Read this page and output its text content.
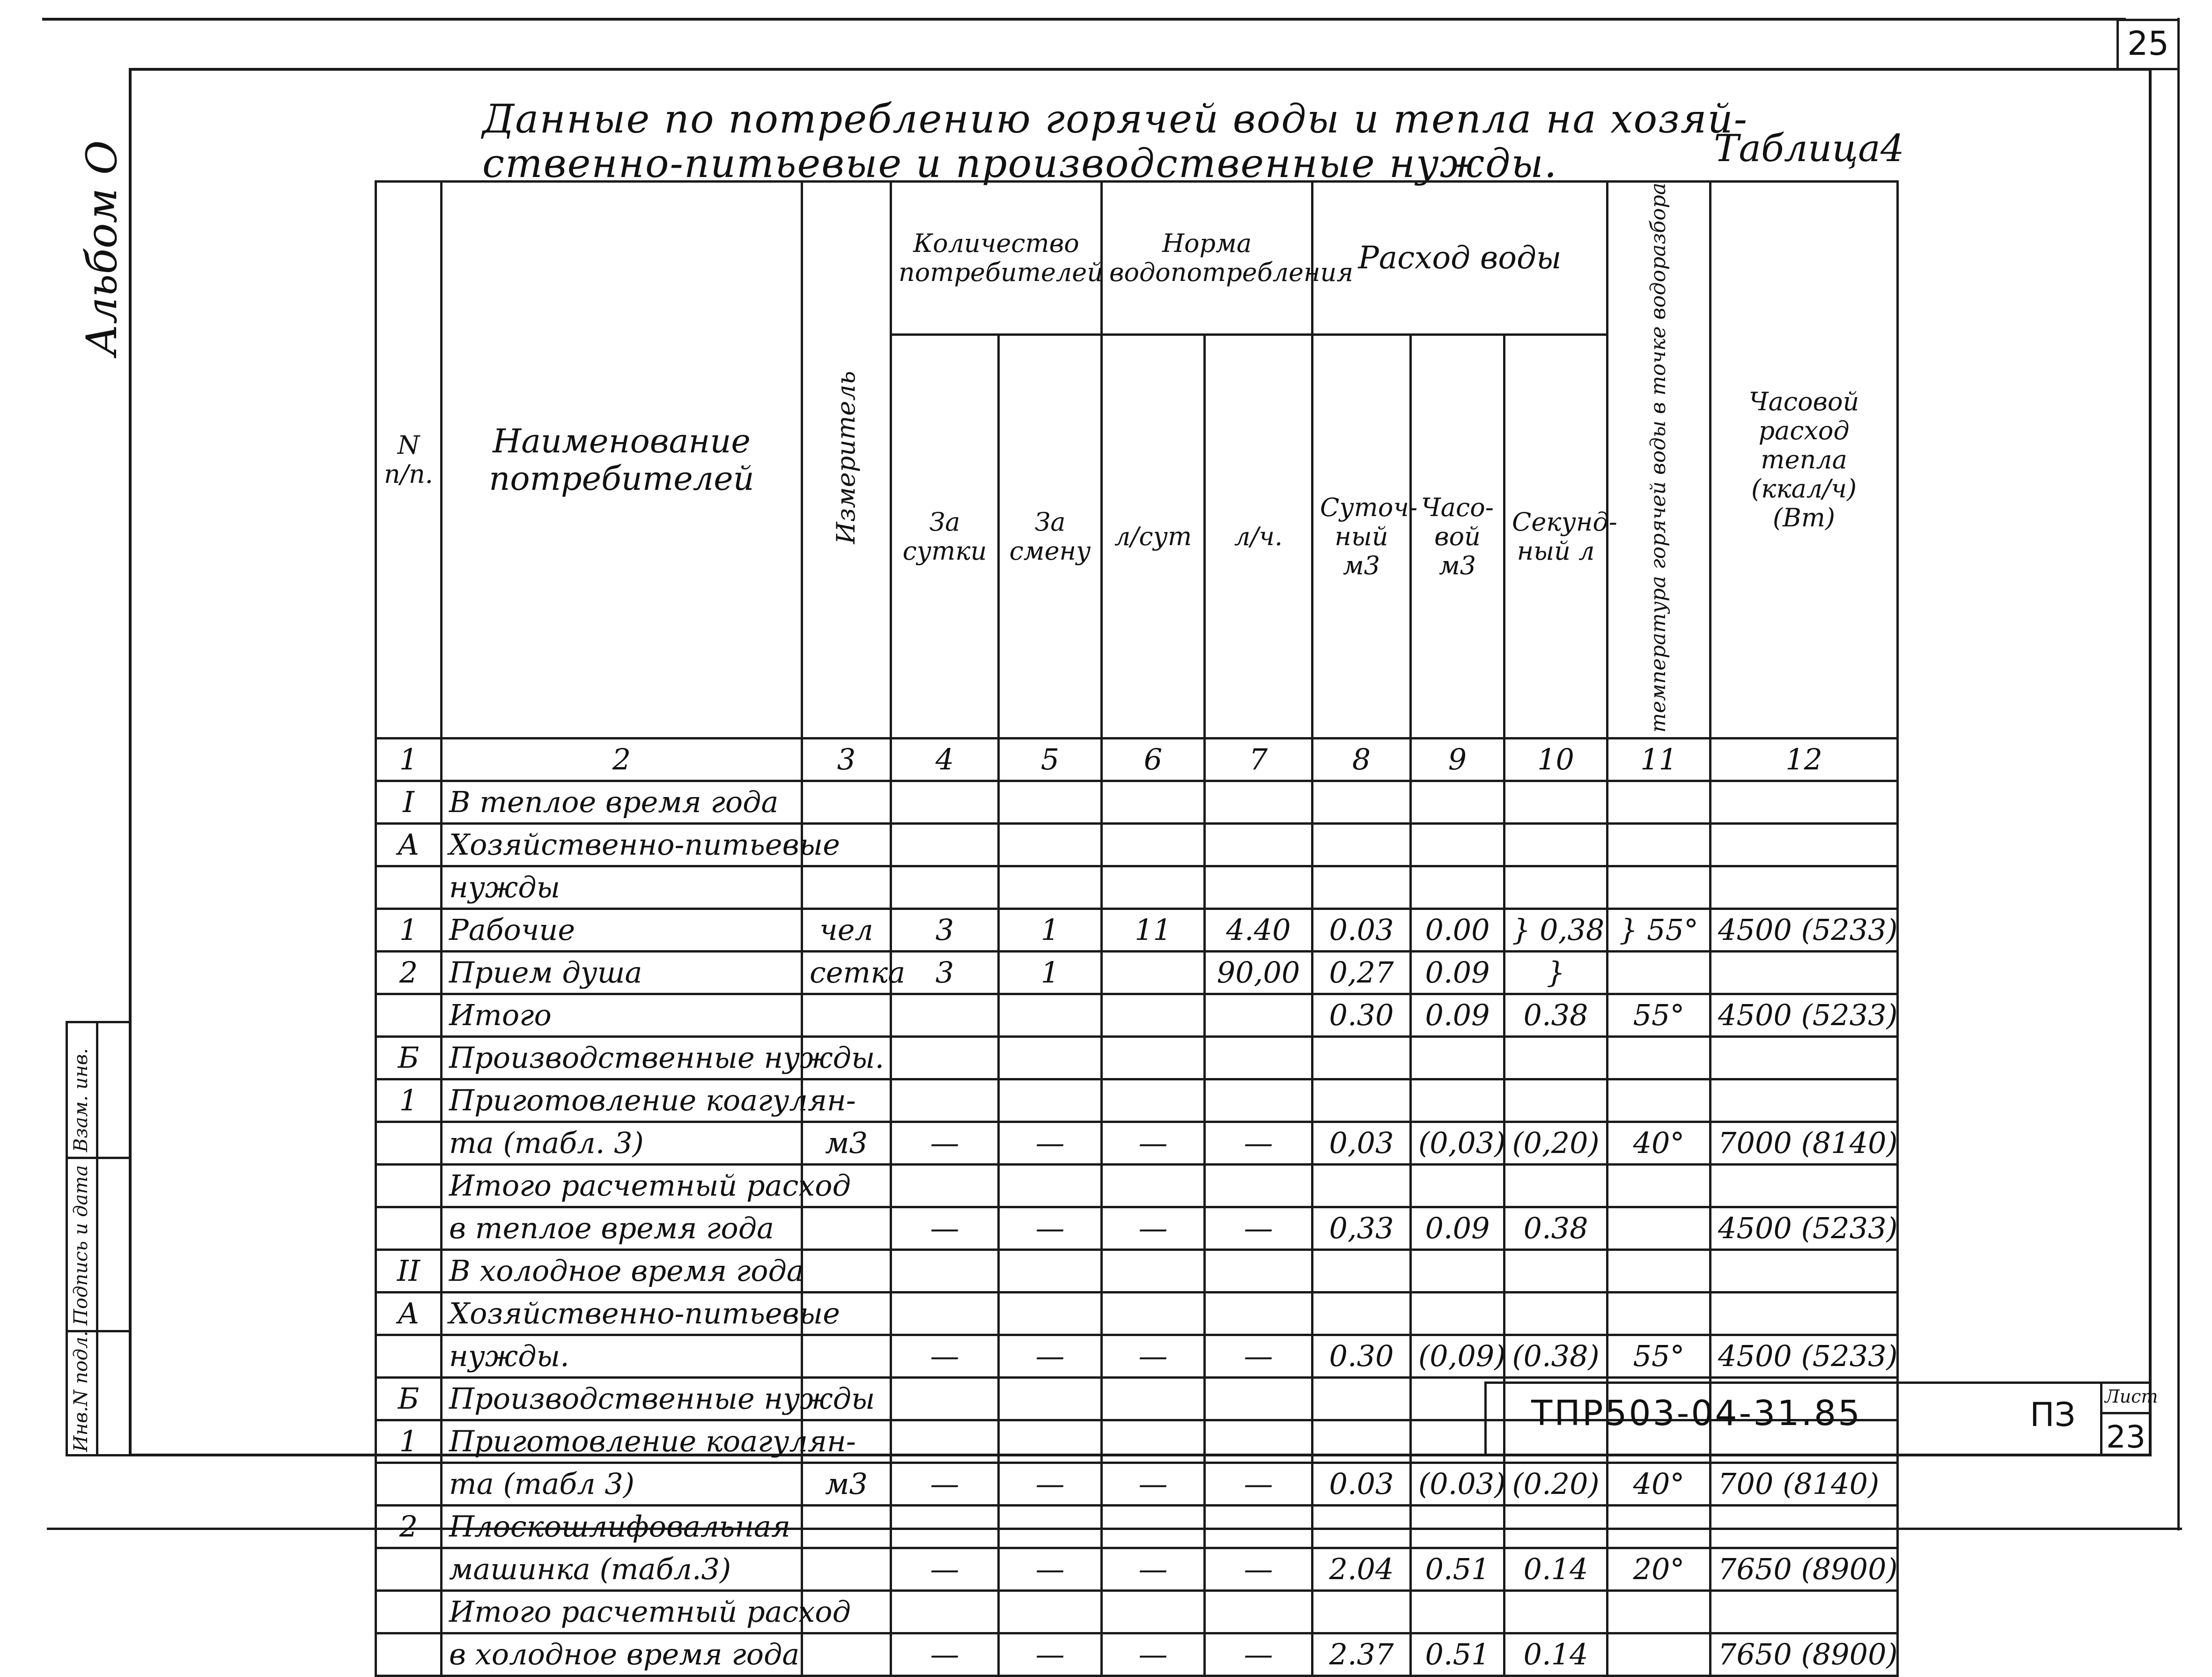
25
Альбом О
Данные по потреблению горячей воды и тепла на хозяй-
ственно-питьевые и производственные нужды.	Таблица4
N п/п.	Наименование потребителей	Измеритель	Количество потребителей		Норма водопотребления		Расход воды			температура горячей воды в точке водоразбора	Часовой расход тепла (ккал/ч) (Вт)
			За сутки	За смену	л/сут	л/ч.	Суточ- ный м3	Часо- вой м3	Секунд- ный л		
1	2	3	4	5	6	7	8	9	10	11	12
I	В теплое время года										
А	Хозяйственно-питьевые										
	нужды										
1	Рабочие	чел	3	1	11	4.40	0.03	0.00	} 0,38	} 55°	4500 (5233)
2	Прием душа	сетка	3	1		90,00	0,27	0.09	}		
	Итого						0.30	0.09	0.38	55°	4500 (5233)
Б	Производственные нужды.										
1	Приготовление коагулян-										
	та (табл. 3)	м3	—	—	—	—	0,03	(0,03)	(0,20)	40°	7000 (8140)
	Итого расчетный расход										
	в теплое время года		—	—	—	—	0,33	0.09	0.38		4500 (5233)
II	В холодное время года										
А	Хозяйственно-питьевые										
	нужды.		—	—	—	—	0.30	(0,09)	(0.38)	55°	4500 (5233)
Б	Производственные нужды										
1	Приготовление коагулян-										
	та (табл 3)	м3	—	—	—	—	0.03	(0.03)	(0.20)	40°	700 (8140)
2	Плоскошлифовальная										
	машинка (табл.3)		—	—	—	—	2.04	0.51	0.14	20°	7650 (8900)
	Итого расчетный расход										
	в холодное время года		—	—	—	—	2.37	0.51	0.14		7650 (8900)
Взам. инв.
Подпись и дата
Инв.N подл.	ТПР503-04-31.85	ПЗ Лист
23
